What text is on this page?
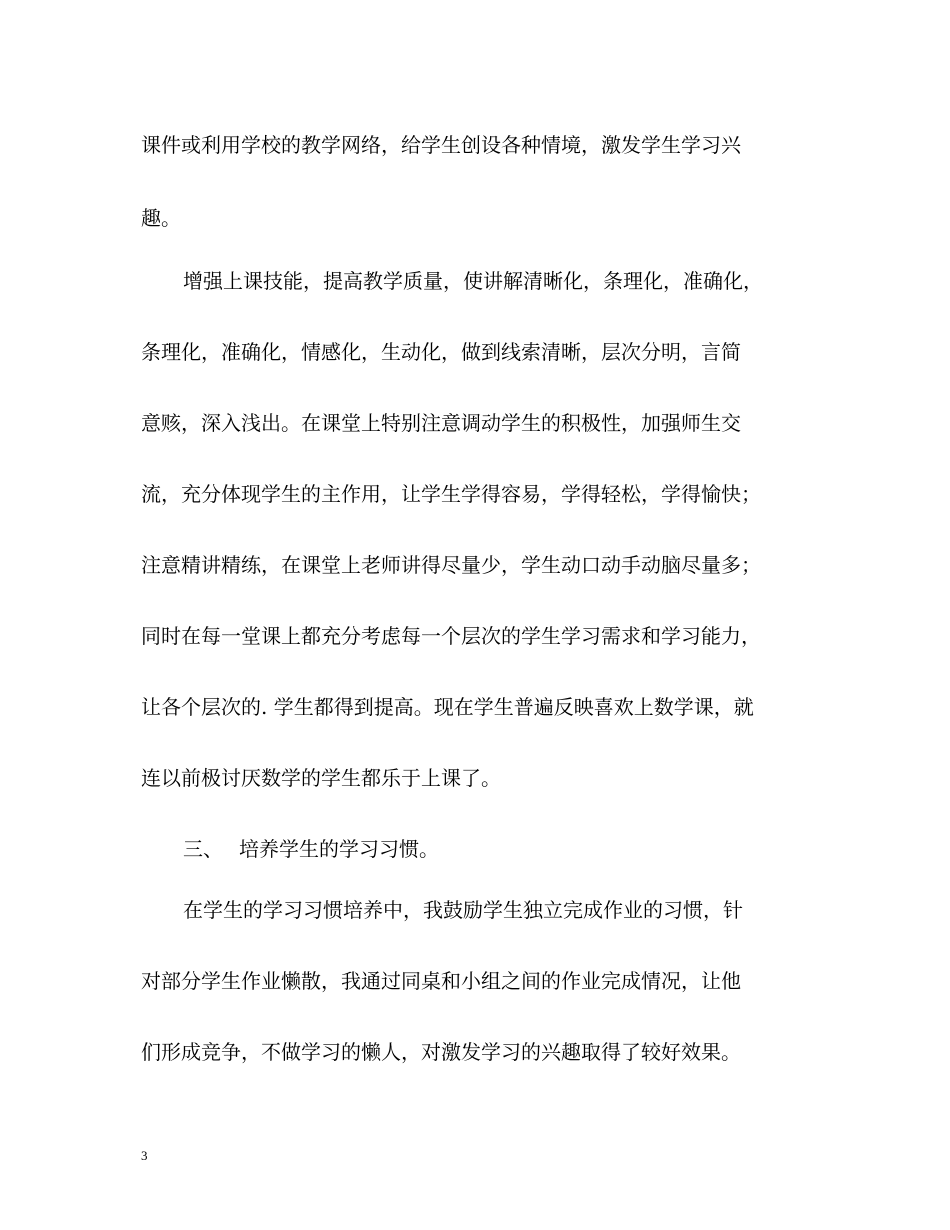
课件或利用学校的教学网络，给学生创设各种情境，激发学生学习兴
趣。
增强上课技能，提高教学质量，使讲解清晰化，条理化，准确化，
条理化，准确化，情感化，生动化，做到线索清晰，层次分明，言简
意赅，深入浅出。在课堂上特别注意调动学生的积极性，加强师生交
流，充分体现学生的主作用，让学生学得容易，学得轻松，学得愉快；
注意精讲精练，在课堂上老师讲得尽量少，学生动口动手动脑尽量多；
同时在每一堂课上都充分考虑每一个层次的学生学习需求和学习能力，
让各个层次的. 学生都得到提高。现在学生普遍反映喜欢上数学课，就
连以前极讨厌数学的学生都乐于上课了。
三、 培养学生的学习习惯。
在学生的学习习惯培养中，我鼓励学生独立完成作业的习惯，针
对部分学生作业懒散，我通过同桌和小组之间的作业完成情况，让他
们形成竞争，不做学习的懒人，对激发学习的兴趣取得了较好效果。
3
